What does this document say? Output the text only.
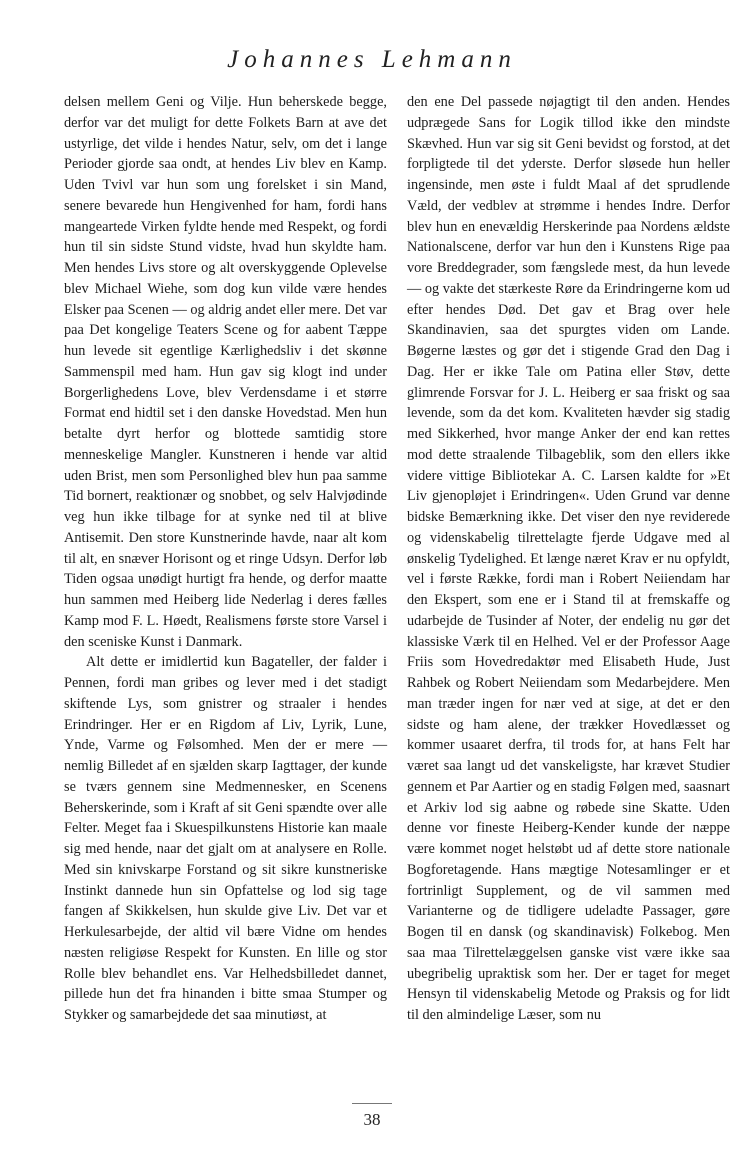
Johannes Lehmann

delsen mellem Geni og Vilje. Hun beherskede begge, derfor var det muligt for dette Folkets Barn at ave det ustyrlige, det vilde i hendes Natur, selv, om det i lange Perioder gjorde saa ondt, at hendes Liv blev en Kamp. Uden Tvivl var hun som ung forelsket i sin Mand, senere bevarede hun Hengivenhed for ham, fordi hans mangeartede Virken fyldte hende med Respekt, og fordi hun til sin sidste Stund vidste, hvad hun skyldte ham. Men hendes Livs store og alt overskyggende Oplevelse blev Michael Wiehe, som dog kun vilde være hendes Elsker paa Scenen — og aldrig andet eller mere. Det var paa Det kongelige Teaters Scene og for aabent Tæppe hun levede sit egentlige Kærlighedsliv i det skønne Sammenspil med ham. Hun gav sig klogt ind under Borgerlighedens Love, blev Verdensdame i et større Format end hidtil set i den danske Hovedstad. Men hun betalte dyrt herfor og blottede samtidig store menneskelige Mangler. Kunstneren i hende var altid uden Brist, men som Personlighed blev hun paa samme Tid bornert, reaktionær og snobbet, og selv Halvjødinde veg hun ikke tilbage for at synke ned til at blive Antisemit. Den store Kunstnerinde havde, naar alt kom til alt, en snæver Horisont og et ringe Udsyn. Derfor løb Tiden ogsaa unødigt hurtigt fra hende, og derfor maatte hun sammen med Heiberg lide Nederlag i deres fælles Kamp mod F. L. Høedt, Realismens første store Varsel i den sceniske Kunst i Danmark.

Alt dette er imidlertid kun Bagateller, der falder i Pennen, fordi man gribes og lever med i det stadigt skiftende Lys, som gnistrer og straaler i hendes Erindringer. Her er en Rigdom af Liv, Lyrik, Lune, Ynde, Varme og Følsomhed. Men der er mere — nemlig Billedet af en sjælden skarp Iagttager, der kunde se tværs gennem sine Medmennesker, en Scenens Beherskerinde, som i Kraft af sit Geni spændte over alle Felter. Meget faa i Skuespilkunstens Historie kan maale sig med hende, naar det gjalt om at analysere en Rolle. Med sin knivskarpe Forstand og sit sikre kunstneriske Instinkt dannede hun sin Opfattelse og lod sig tage fangen af Skikkelsen, hun skulde give Liv. Det var et Herkulesarbejde, der altid vil bære Vidne om hendes næsten religiøse Respekt for Kunsten. En lille og stor Rolle blev behandlet ens. Var Helhedsbilledet dannet, pillede hun det fra hinanden i bitte smaa Stumper og Stykker og samarbejdede det saa minutiøst, at

den ene Del passede nøjagtigt til den anden. Hendes udprægede Sans for Logik tillod ikke den mindste Skævhed. Hun var sig sit Geni bevidst og forstod, at det forpligtede til det yderste. Derfor sløsede hun heller ingensinde, men øste i fuldt Maal af det sprudlende Væld, der vedblev at strømme i hendes Indre. Derfor blev hun en enevældig Herskerinde paa Nordens ældste Nationalscene, derfor var hun den i Kunstens Rige paa vore Breddegrader, som fængslede mest, da hun levede — og vakte det stærkeste Røre da Erindringerne kom ud efter hendes Død. Det gav et Brag over hele Skandinavien, saa det spurgtes viden om Lande. Bøgerne læstes og gør det i stigende Grad den Dag i Dag. Her er ikke Tale om Patina eller Støv, dette glimrende Forsvar for J. L. Heiberg er saa friskt og saa levende, som da det kom. Kvaliteten hævder sig stadig med Sikkerhed, hvor mange Anker der end kan rettes mod dette straalende Tilbageblik, som den ellers ikke videre vittige Bibliotekar A. C. Larsen kaldte for »Et Liv gjenopløjet i Erindringen«. Uden Grund var denne bidske Bemærkning ikke. Det viser den nye reviderede og videnskabelig tilrettelagte fjerde Udgave med al ønskelig Tydelighed. Et længe næret Krav er nu opfyldt, vel i første Række, fordi man i Robert Neiiendam har den Ekspert, som ene er i Stand til at fremskaffe og udarbejde de Tusinder af Noter, der endelig nu gør det klassiske Værk til en Helhed. Vel er der Professor Aage Friis som Hovedredaktør med Elisabeth Hude, Just Rahbek og Robert Neiiendam som Medarbejdere. Men man træder ingen for nær ved at sige, at det er den sidste og ham alene, der trækker Hovedlæsset og kommer usaaret derfra, til trods for, at hans Felt har været saa langt ud det vanskeligste, har krævet Studier gennem et Par Aartier og en stadig Følgen med, saasnart et Arkiv lod sig aabne og røbede sine Skatte. Uden denne vor fineste Heiberg-Kender kunde der næppe være kommet noget helstøbt ud af dette store nationale Bogforetagende. Hans mægtige Notesamlinger er et fortrinligt Supplement, og de vil sammen med Varianterne og de tidligere udeladte Passager, gøre Bogen til en dansk (og skandinavisk) Folkebog. Men saa maa Tilrettelæggelsen ganske vist være ikke saa ubegribelig upraktisk som her. Der er taget for meget Hensyn til videnskabelig Metode og Praksis og for lidt til den almindelige Læser, som nu

38
